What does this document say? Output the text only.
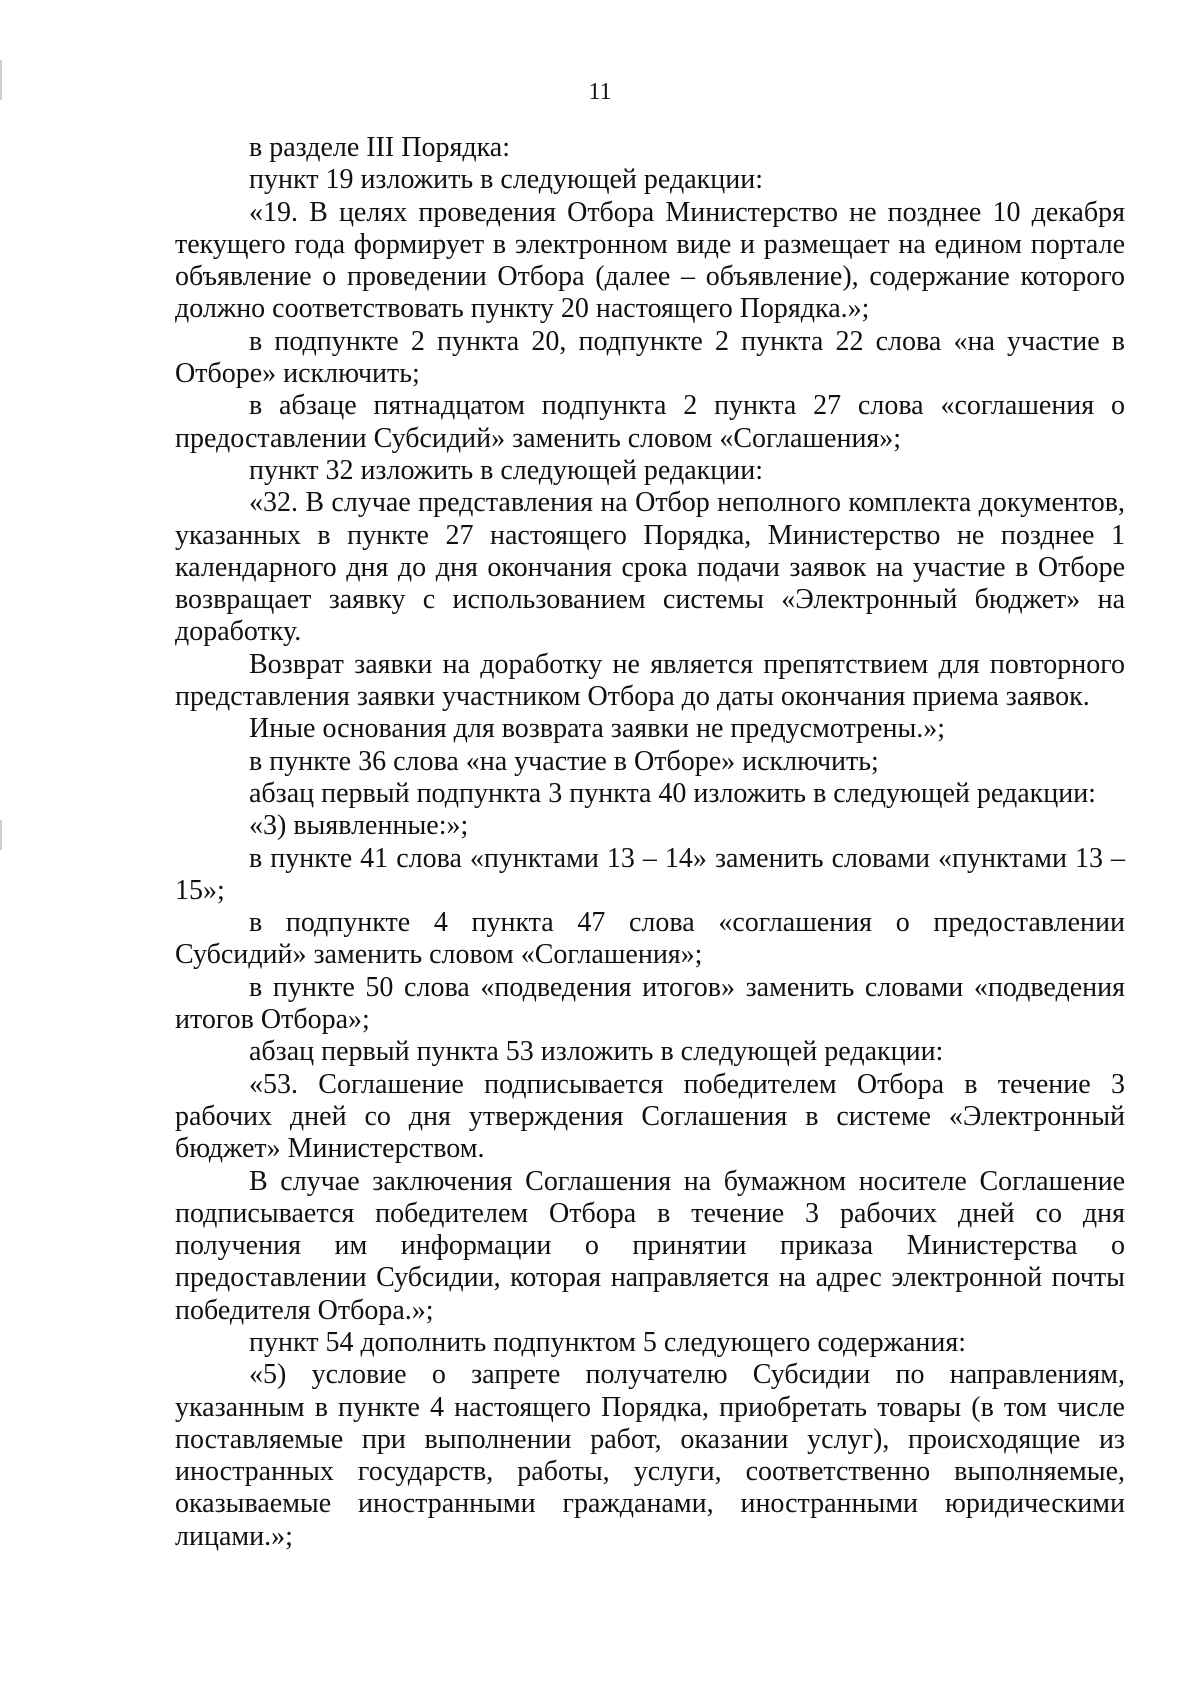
11

в разделе III Порядка:

пункт 19 изложить в следующей редакции:

«19. В целях проведения Отбора Министерство не позднее 10 декабря текущего года формирует в электронном виде и размещает на едином портале объявление о проведении Отбора (далее – объявление), содержание которого должно соответствовать пункту 20 настоящего Порядка.»;

в подпункте 2 пункта 20, подпункте 2 пункта 22 слова «на участие в Отборе» исключить;

в абзаце пятнадцатом подпункта 2 пункта 27 слова «соглашения о предоставлении Субсидий» заменить словом «Соглашения»;

пункт 32 изложить в следующей редакции:

«32. В случае представления на Отбор неполного комплекта документов, указанных в пункте 27 настоящего Порядка, Министерство не позднее 1 календарного дня до дня окончания срока подачи заявок на участие в Отборе возвращает заявку с использованием системы «Электронный бюджет» на доработку.

Возврат заявки на доработку не является препятствием для повторного представления заявки участником Отбора до даты окончания приема заявок.

Иные основания для возврата заявки не предусмотрены.»;

в пункте 36 слова «на участие в Отборе» исключить;

абзац первый подпункта 3 пункта 40 изложить в следующей редакции:

«3) выявленные:»;

в пункте 41 слова «пунктами 13 – 14» заменить словами «пунктами 13 – 15»;

в подпункте 4 пункта 47 слова «соглашения о предоставлении Субсидий» заменить словом «Соглашения»;

в пункте 50 слова «подведения итогов» заменить словами «подведения итогов Отбора»;

абзац первый пункта 53 изложить в следующей редакции:

«53. Соглашение подписывается победителем Отбора в течение 3 рабочих дней со дня утверждения Соглашения в системе «Электронный бюджет» Министерством.

В случае заключения Соглашения на бумажном носителе Соглашение подписывается победителем Отбора в течение 3 рабочих дней со дня получения им информации о принятии приказа Министерства о предоставлении Субсидии, которая направляется на адрес электронной почты победителя Отбора.»;

пункт 54 дополнить подпунктом 5 следующего содержания:

«5) условие о запрете получателю Субсидии по направлениям, указанным в пункте 4 настоящего Порядка, приобретать товары (в том числе поставляемые при выполнении работ, оказании услуг), происходящие из иностранных государств, работы, услуги, соответственно выполняемые, оказываемые иностранными гражданами, иностранными юридическими лицами.»;
